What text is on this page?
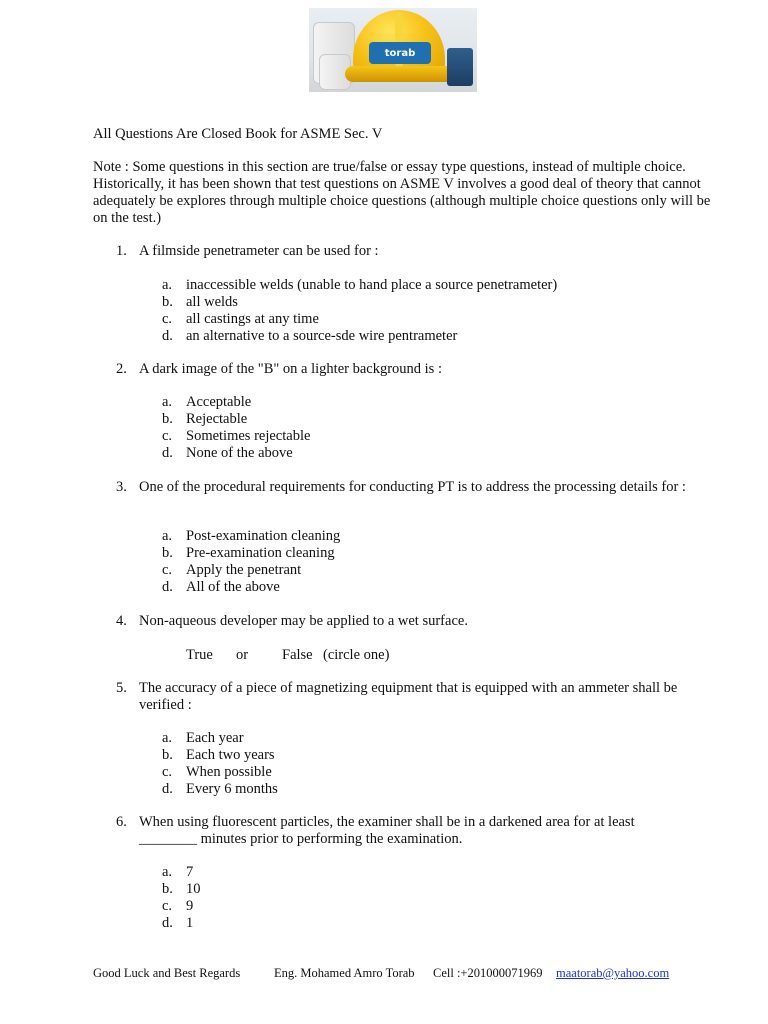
torab
All Questions Are Closed Book for ASME Sec. V
Note : Some questions in this section are true/false or essay type questions, instead of multiple choice. Historically, it has been shown that test questions on ASME V involves a good deal of theory that cannot adequately be explores through multiple choice questions (although multiple choice questions only will be on the test.)
1. A filmside penetrameter can be used for :
a. inaccessible welds (unable to hand place a source penetrameter)
b. all welds
c. all castings at any time
d. an alternative to a source-sde wire pentrameter
2. A dark image of the "B" on a lighter background is :
a. Acceptable
b. Rejectable
c. Sometimes rejectable
d. None of the above
3. One of the procedural requirements for conducting PT is to address the processing details for :
a. Post-examination cleaning
b. Pre-examination cleaning
c. Apply the penetrant
d. All of the above
4. Non-aqueous developer may be applied to a wet surface.
True or False (circle one)
5. The accuracy of a piece of magnetizing equipment that is equipped with an ammeter shall be verified :
a. Each year
b. Each two years
c. When possible
d. Every 6 months
6. When using fluorescent particles, the examiner shall be in a darkened area for at least ________ minutes prior to performing the examination.
a. 7
b. 10
c. 9
d. 1
Good Luck and Best Regards	Eng. Mohamed Amro Torab Cell :+201000071969 maatorab@yahoo.com
